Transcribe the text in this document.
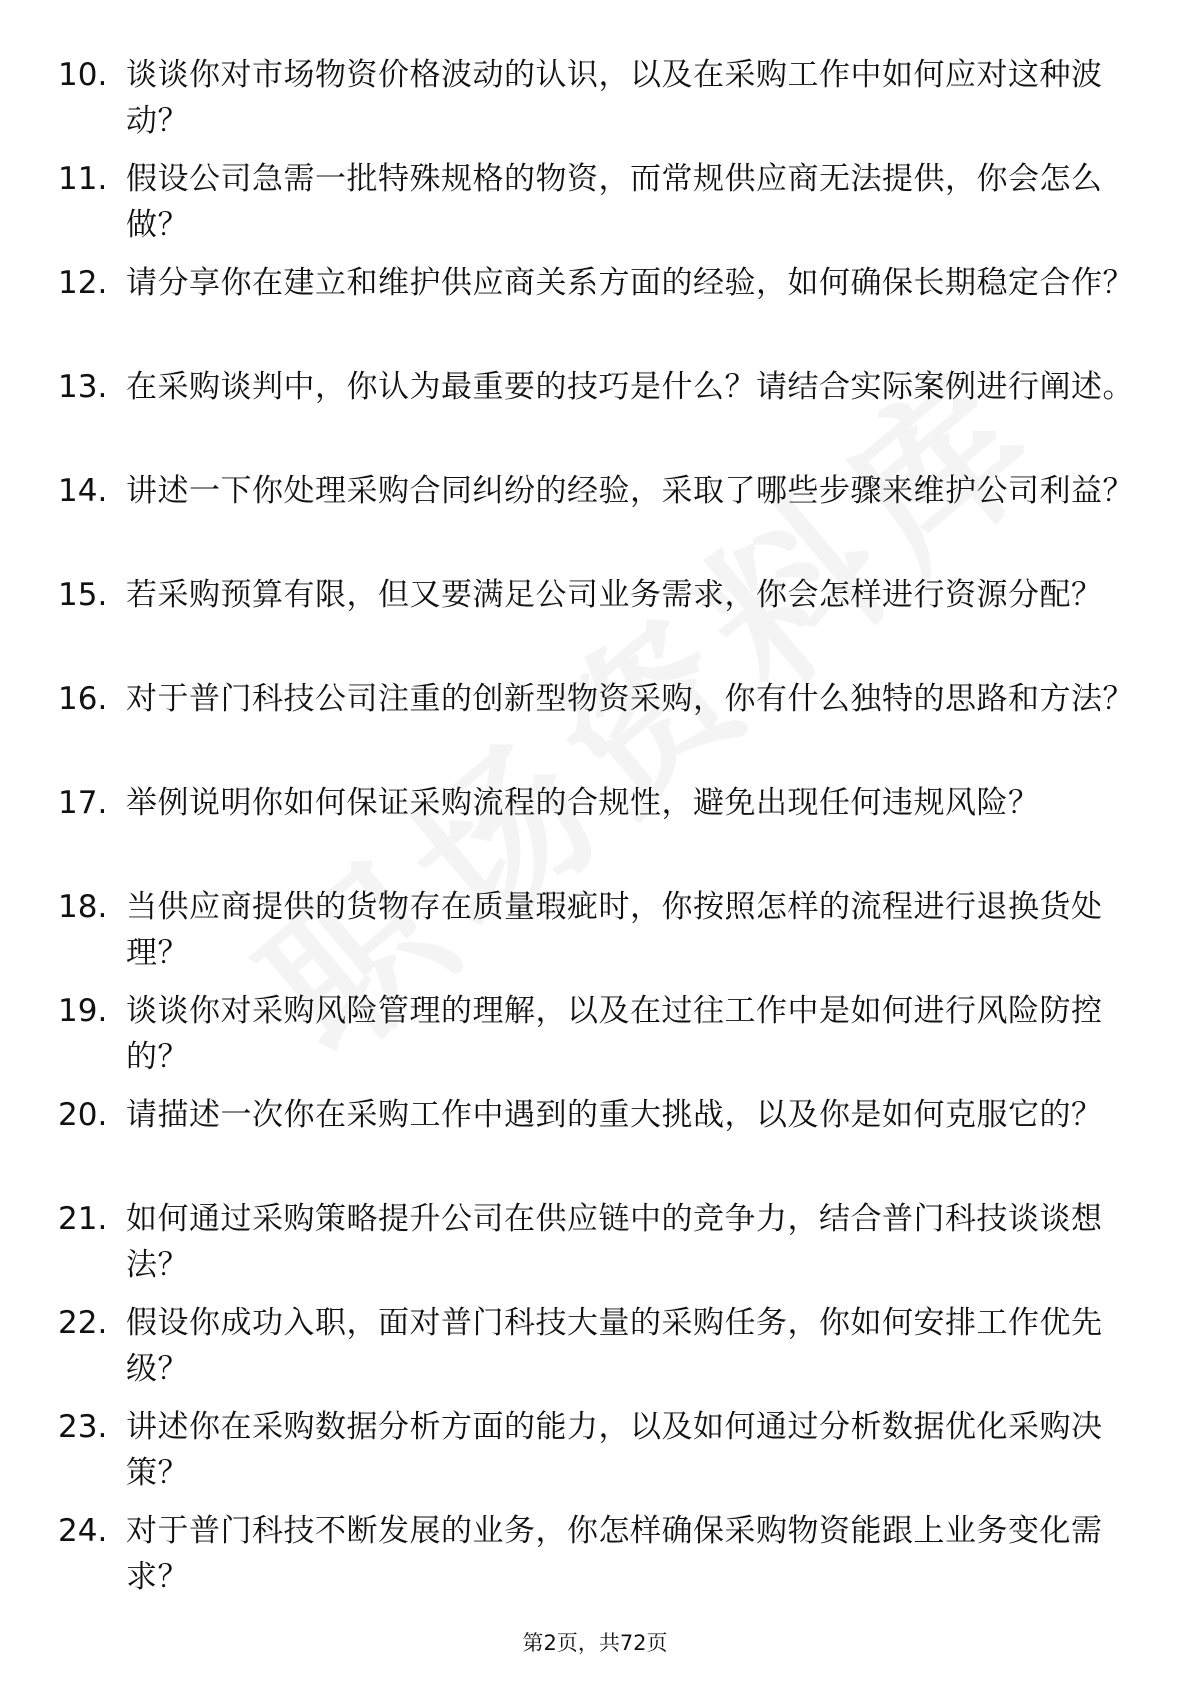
10. 谈谈你对市场物资价格波动的认识，以及在采购工作中如何应对这种波动？
11. 假设公司急需一批特殊规格的物资，而常规供应商无法提供，你会怎么做？
12. 请分享你在建立和维护供应商关系方面的经验，如何确保长期稳定合作？
13. 在采购谈判中，你认为最重要的技巧是什么？请结合实际案例进行阐述。
14. 讲述一下你处理采购合同纠纷的经验，采取了哪些步骤来维护公司利益？
15. 若采购预算有限，但又要满足公司业务需求，你会怎样进行资源分配？
16. 对于普门科技公司注重的创新型物资采购，你有什么独特的思路和方法？
17. 举例说明你如何保证采购流程的合规性，避免出现任何违规风险？
18. 当供应商提供的货物存在质量瑕疵时，你按照怎样的流程进行退换货处理？
19. 谈谈你对采购风险管理的理解，以及在过往工作中是如何进行风险防控的？
20. 请描述一次你在采购工作中遇到的重大挑战，以及你是如何克服它的？
21. 如何通过采购策略提升公司在供应链中的竞争力，结合普门科技谈谈想法？
22. 假设你成功入职，面对普门科技大量的采购任务，你如何安排工作优先级？
23. 讲述你在采购数据分析方面的能力，以及如何通过分析数据优化采购决策？
24. 对于普门科技不断发展的业务，你怎样确保采购物资能跟上业务变化需求？
第2页，共72页
